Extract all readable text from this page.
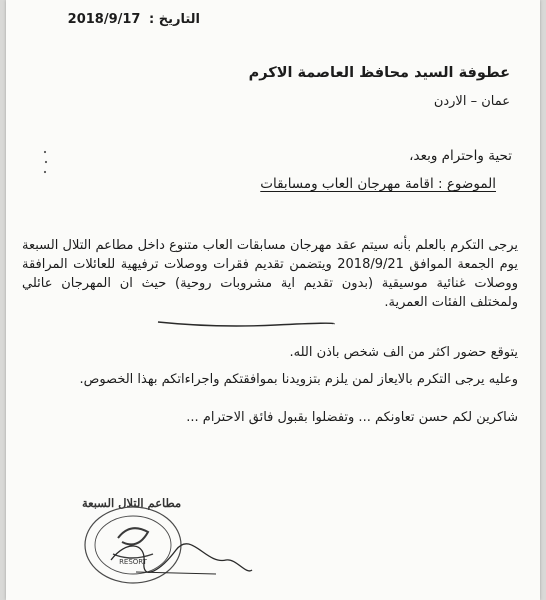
التاريخ : 2018/9/17
عطوفة السيد محافظ العاصمة الاكرم
عمان – الاردن
تحية واحترام وبعد،
الموضوع : اقامة مهرجان العاب ومسابقات
يرجى التكرم بالعلم بأنه سيتم عقد مهرجان مسابقات العاب متنوع داخل مطاعم التلال السبعة يوم الجمعة الموافق 2018/9/21 ويتضمن تقديم فقرات ووصلات ترفيهية للعائلات المرافقة ووصلات غنائية موسيقية (بدون تقديم اية مشروبات روحية) حيث ان المهرجان عائلي ولمختلف الفئات العمرية.
يتوقع حضور اكثر من الف شخص باذن الله.
وعليه يرجى التكرم بالايعاز لمن يلزم بتزويدنا بموافقتكم واجراءاتكم بهذا الخصوص.
شاكرين لكم حسن تعاونكم ... وتفضلوا بقبول فائق الاحترام ...
مطاعم التلال السبعة
RESORT
